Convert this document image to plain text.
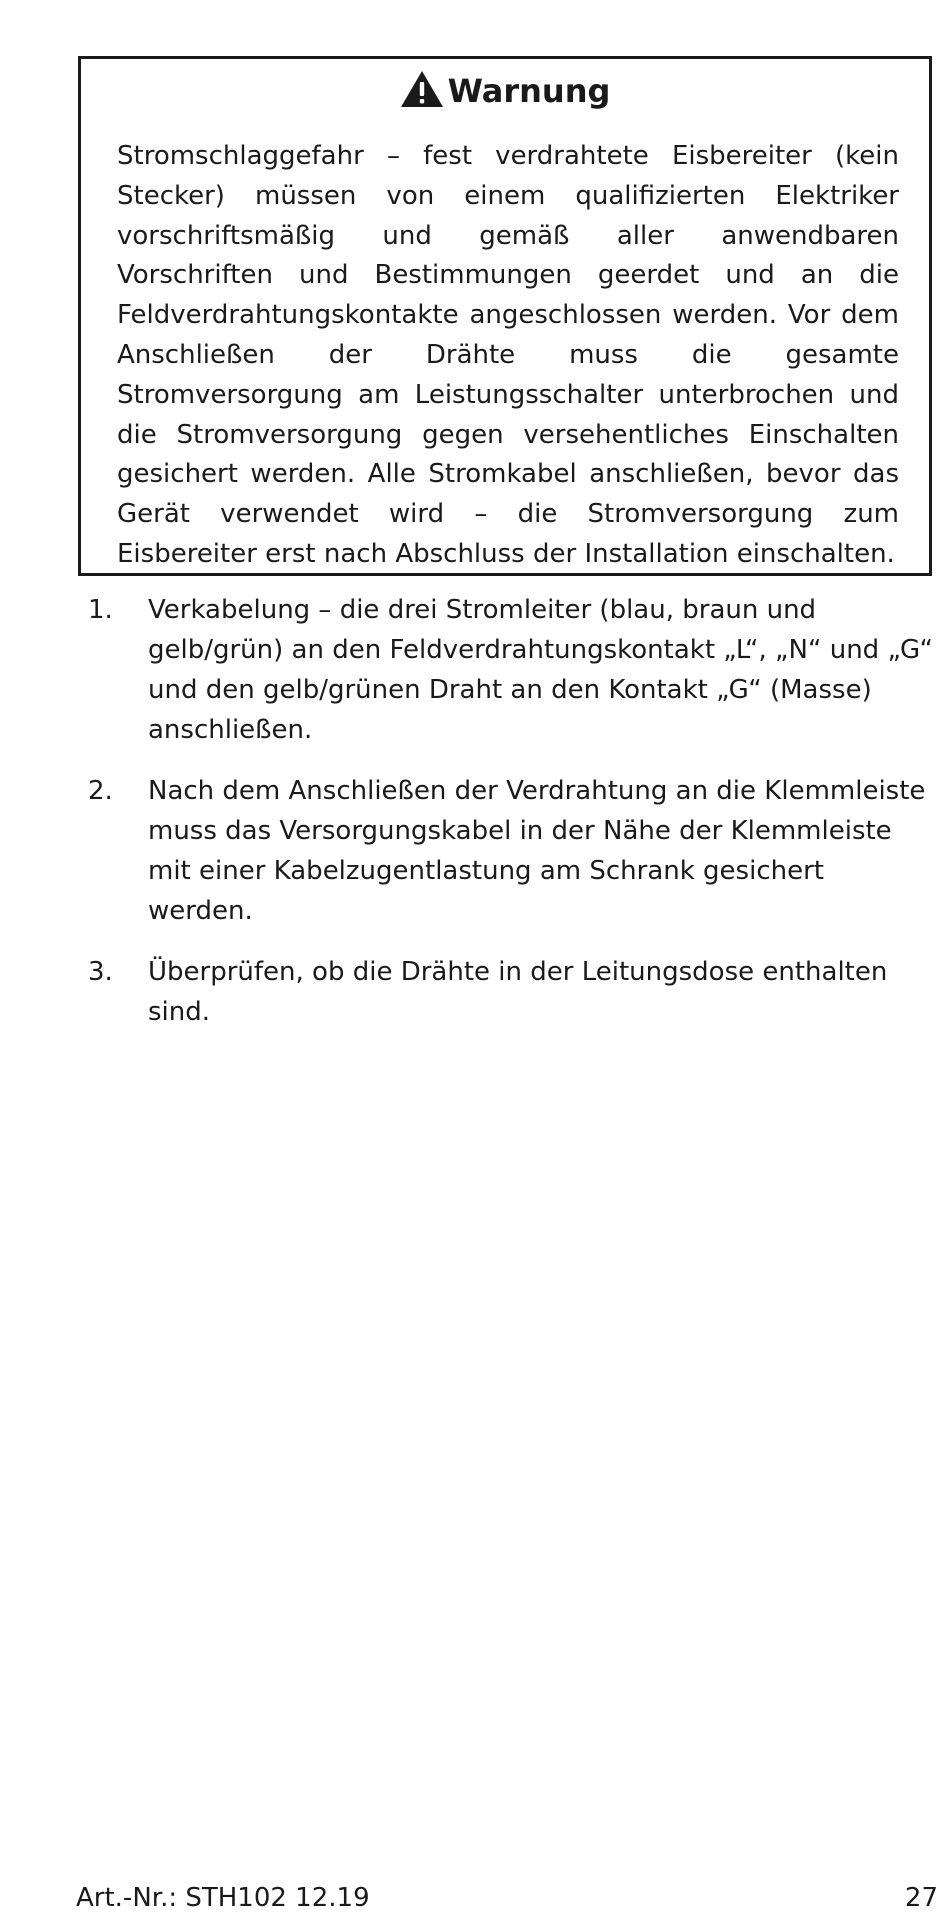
Warnung

Stromschlaggefahr – fest verdrahtete Eisbereiter (kein Stecker) müssen von einem qualifizierten Elektriker vorschriftsmäßig und gemäß aller anwendbaren Vorschriften und Bestimmungen geerdet und an die Feldverdrahtungskontakte angeschlossen werden. Vor dem Anschließen der Drähte muss die gesamte Stromversorgung am Leistungsschalter unterbrochen und die Stromversorgung gegen versehentliches Einschalten gesichert werden. Alle Stromkabel anschließen, bevor das Gerät verwendet wird – die Stromversorgung zum Eisbereiter erst nach Abschluss der Installation einschalten.

1. Verkabelung – die drei Stromleiter (blau, braun und gelb/grün) an den Feldverdrahtungskontakt „L“, „N“ und „G“ und den gelb/grünen Draht an den Kontakt „G“ (Masse) anschließen.
2. Nach dem Anschließen der Verdrahtung an die Klemmleiste muss das Versorgungskabel in der Nähe der Klemmleiste mit einer Kabelzugentlastung am Schrank gesichert werden.
3. Überprüfen, ob die Drähte in der Leitungsdose enthalten sind.
Art.-Nr.: STH102 12.19	27
